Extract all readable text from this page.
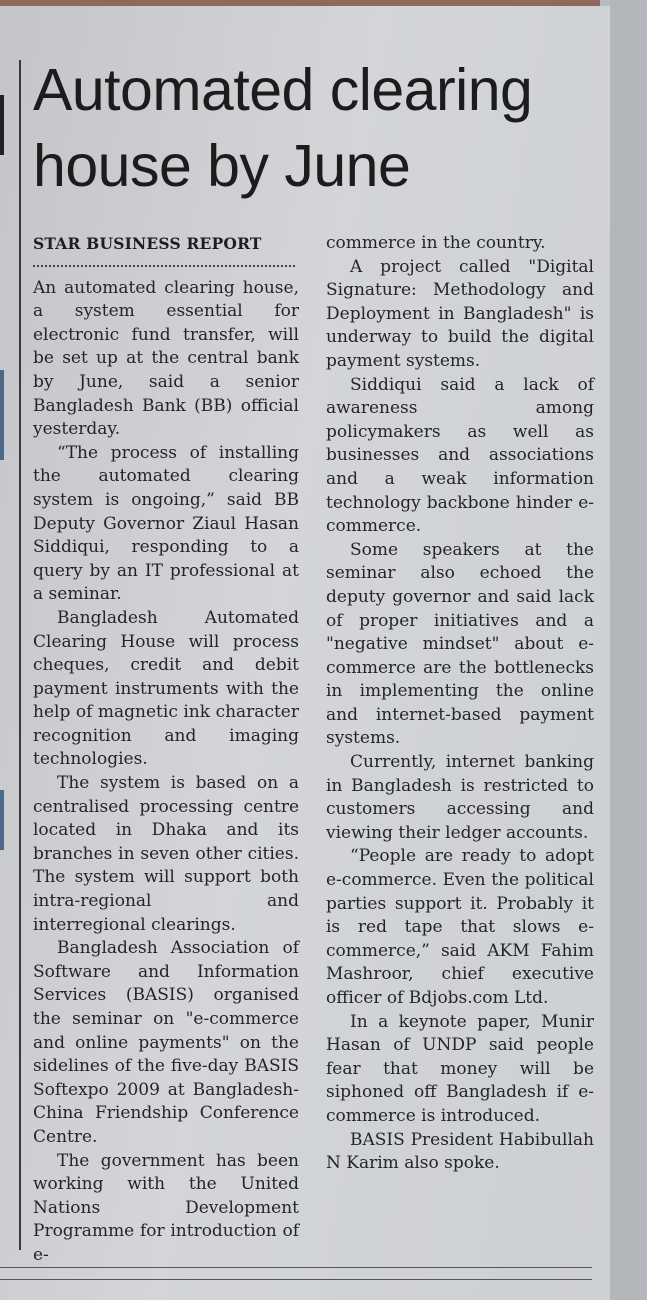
Automated clearing house by June

STAR BUSINESS REPORT

An automated clearing house, a system essential for electronic fund transfer, will be set up at the central bank by June, said a senior Bangladesh Bank (BB) official yesterday.

“The process of installing the automated clearing system is ongoing,” said BB Deputy Governor Ziaul Hasan Siddiqui, responding to a query by an IT professional at a seminar.

Bangladesh Automated Clearing House will process cheques, credit and debit payment instruments with the help of magnetic ink character recognition and imaging technologies.

The system is based on a centralised processing centre located in Dhaka and its branches in seven other cities. The system will support both intra-regional and interregional clearings.

Bangladesh Association of Software and Information Services (BASIS) organised the seminar on "e-commerce and online payments" on the sidelines of the five-day BASIS Softexpo 2009 at Bangladesh-China Friendship Conference Centre.

The government has been working with the United Nations Development Programme for introduction of e-

commerce in the country.

A project called "Digital Signature: Methodology and Deployment in Bangladesh" is underway to build the digital payment systems.

Siddiqui said a lack of awareness among policymakers as well as businesses and associations and a weak information technology backbone hinder e-commerce.

Some speakers at the seminar also echoed the deputy governor and said lack of proper initiatives and a "negative mindset" about e-commerce are the bottlenecks in implementing the online and internet-based payment systems.

Currently, internet banking in Bangladesh is restricted to customers accessing and viewing their ledger accounts.

“People are ready to adopt e-commerce. Even the political parties support it. Probably it is red tape that slows e-commerce,” said AKM Fahim Mashroor, chief executive officer of Bdjobs.com Ltd.

In a keynote paper, Munir Hasan of UNDP said people fear that money will be siphoned off Bangladesh if e-commerce is introduced.

BASIS President Habibullah N Karim also spoke.
